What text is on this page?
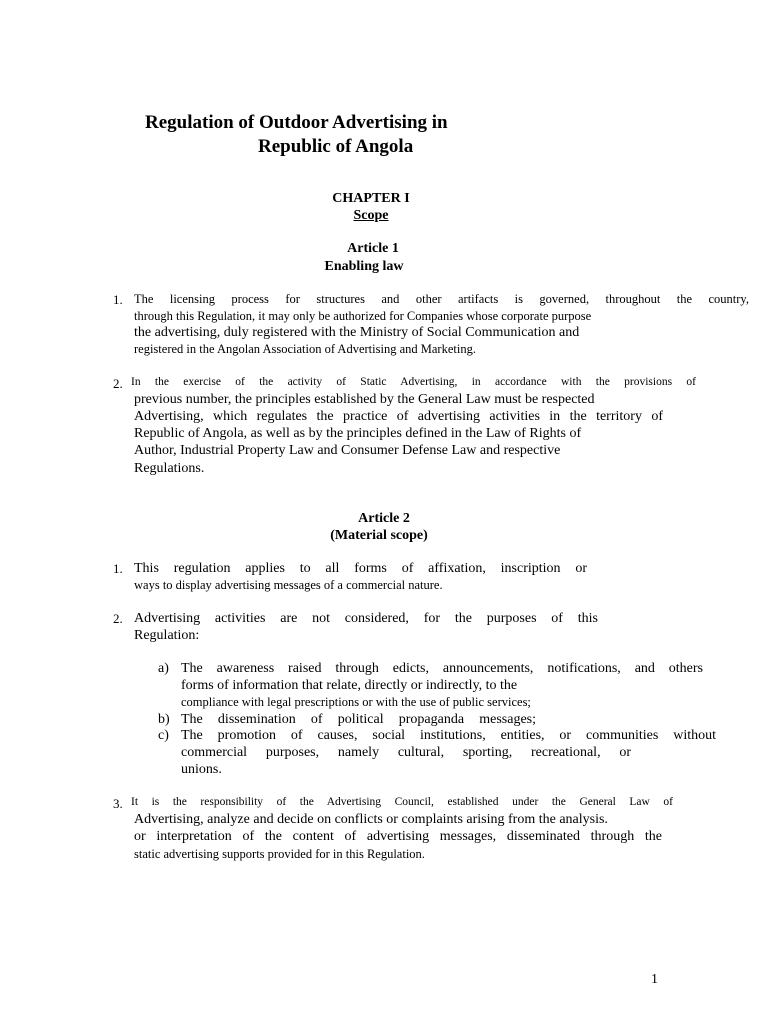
Regulation of Outdoor Advertising in
Republic of Angola
CHAPTER I
Scope
Article 1
Enabling law
1. The licensing process for structures and other artifacts is governed, throughout the country,
through this Regulation, it may only be authorized for Companies whose corporate purpose
the advertising, duly registered with the Ministry of Social Communication and
registered in the Angolan Association of Advertising and Marketing.
2. In the exercise of the activity of Static Advertising, in accordance with the provisions of
previous number, the principles established by the General Law must be respected
Advertising, which regulates the practice of advertising activities in the territory of
Republic of Angola, as well as by the principles defined in the Law of Rights of
Author, Industrial Property Law and Consumer Defense Law and respective
Regulations.
Article 2
(Material scope)
1. This regulation applies to all forms of affixation, inscription or
ways to display advertising messages of a commercial nature.
2. Advertising activities are not considered, for the purposes of this
Regulation:
a) The awareness raised through edicts, announcements, notifications, and others
forms of information that relate, directly or indirectly, to the
compliance with legal prescriptions or with the use of public services;
b) The dissemination of political propaganda messages;
c) The promotion of causes, social institutions, entities, or communities without
commercial purposes, namely cultural, sporting, recreational, or
unions.
3. It is the responsibility of the Advertising Council, established under the General Law of
Advertising, analyze and decide on conflicts or complaints arising from the analysis.
or interpretation of the content of advertising messages, disseminated through the
static advertising supports provided for in this Regulation.
1
